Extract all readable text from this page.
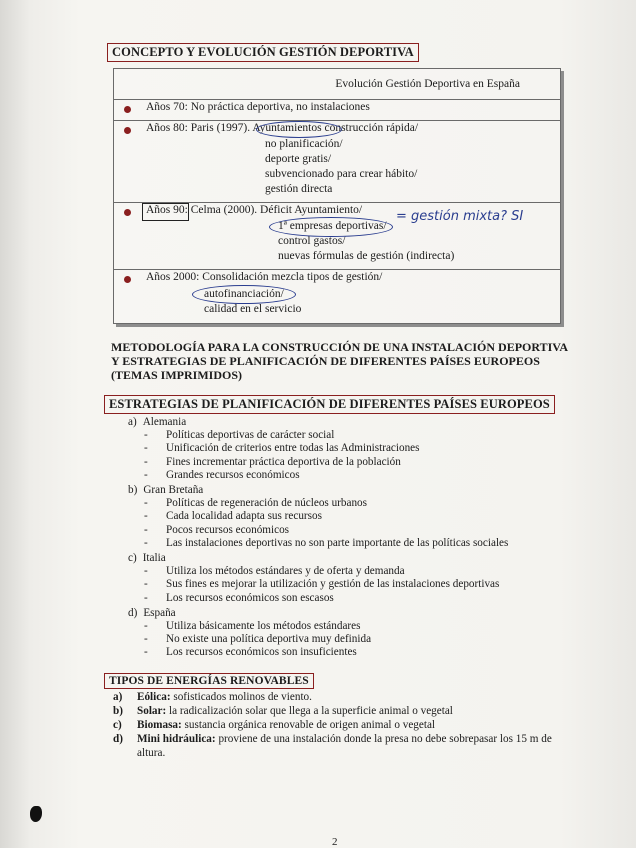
CONCEPTO Y EVOLUCIÓN GESTIÓN DEPORTIVA
Evolución Gestión Deportiva en España
Años 70: No práctica deportiva, no instalaciones
Años 80: Paris (1997). Ayuntamientos construcción rápida/
no planificación/
deporte gratis/
subvencionado para crear hábito/
gestión directa
Años 90: Celma (2000). Déficit Ayuntamiento/
1ª empresas deportivas/
control gastos/
nuevas fórmulas de gestión (indirecta)
= gestión mixta? SI
Años 2000: Consolidación mezcla tipos de gestión/
autofinanciación/
calidad en el servicio
METODOLOGÍA PARA LA CONSTRUCCIÓN DE UNA INSTALACIÓN DEPORTIVA Y ESTRATEGIAS DE PLANIFICACIÓN DE DIFERENTES PAÍSES EUROPEOS (TEMAS IMPRIMIDOS)
ESTRATEGIAS DE PLANIFICACIÓN DE DIFERENTES PAÍSES EUROPEOS
a) Alemania
- Políticas deportivas de carácter social
- Unificación de criterios entre todas las Administraciones
- Fines incrementar práctica deportiva de la población
- Grandes recursos económicos
b) Gran Bretaña
- Políticas de regeneración de núcleos urbanos
- Cada localidad adapta sus recursos
- Pocos recursos económicos
- Las instalaciones deportivas no son parte importante de las políticas sociales
c) Italia
- Utiliza los métodos estándares y de oferta y demanda
- Sus fines es mejorar la utilización y gestión de las instalaciones deportivas
- Los recursos económicos son escasos
d) España
- Utiliza básicamente los métodos estándares
- No existe una política deportiva muy definida
- Los recursos económicos son insuficientes
TIPOS DE ENERGÍAS RENOVABLES
a) Eólica: sofisticados molinos de viento.
b) Solar: la radicalización solar que llega a la superficie animal o vegetal
c) Biomasa: sustancia orgánica renovable de origen animal o vegetal
d) Mini hidráulica: proviene de una instalación donde la presa no debe sobrepasar los 15 m de altura.
2
